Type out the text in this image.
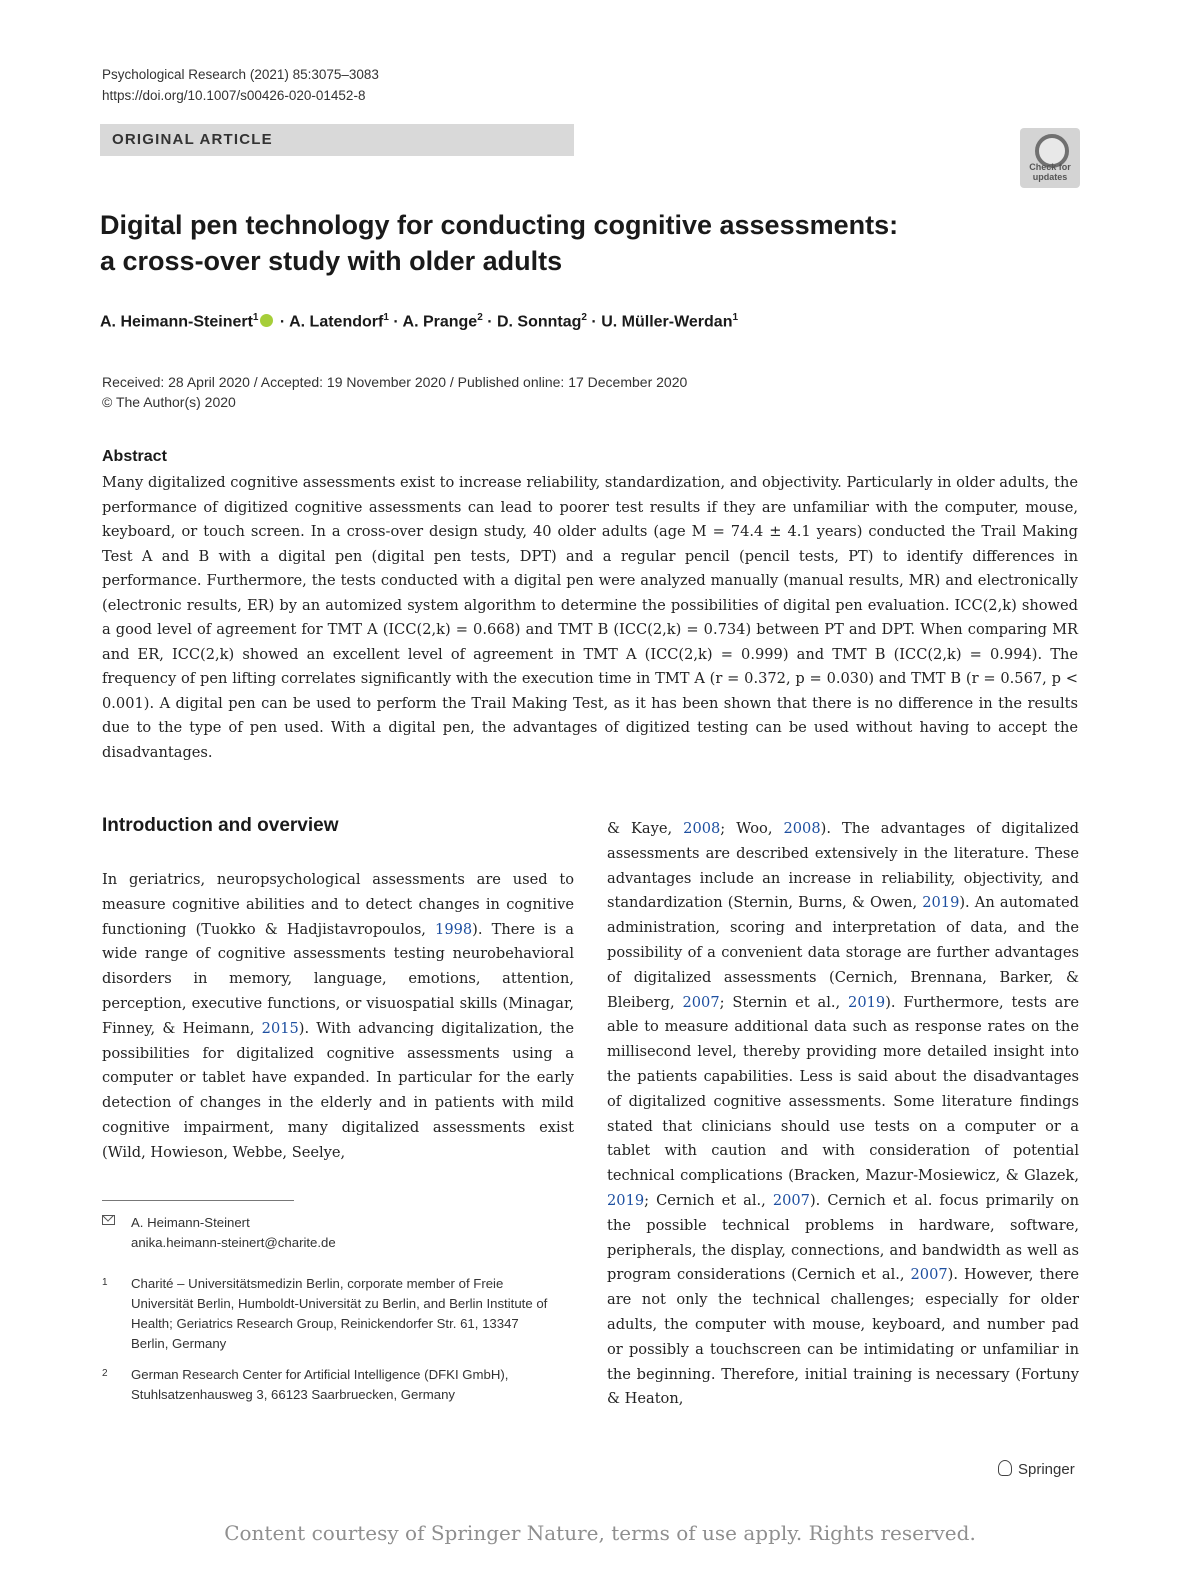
Psychological Research (2021) 85:3075–3083
https://doi.org/10.1007/s00426-020-01452-8
ORIGINAL ARTICLE
Check for updates
Digital pen technology for conducting cognitive assessments:
a cross-over study with older adults
A. Heimann-Steinert$^1$ · A. Latendorf$^1$ · A. Prange$^2$ · D. Sonntag$^2$ · U. Müller-Werdan$^1$
Received: 28 April 2020 / Accepted: 19 November 2020 / Published online: 17 December 2020
© The Author(s) 2020
Abstract
Many digitalized cognitive assessments exist to increase reliability, standardization, and objectivity. Particularly in older adults, the performance of digitized cognitive assessments can lead to poorer test results if they are unfamiliar with the computer, mouse, keyboard, or touch screen. In a cross-over design study, 40 older adults (age M = 74.4 ± 4.1 years) conducted the Trail Making Test A and B with a digital pen (digital pen tests, DPT) and a regular pencil (pencil tests, PT) to identify differences in performance. Furthermore, the tests conducted with a digital pen were analyzed manually (manual results, MR) and electronically (electronic results, ER) by an automized system algorithm to determine the possibilities of digital pen evaluation. ICC(2,k) showed a good level of agreement for TMT A (ICC(2,k) = 0.668) and TMT B (ICC(2,k) = 0.734) between PT and DPT. When comparing MR and ER, ICC(2,k) showed an excellent level of agreement in TMT A (ICC(2,k) = 0.999) and TMT B (ICC(2,k) = 0.994). The frequency of pen lifting correlates significantly with the execution time in TMT A (r = 0.372, p = 0.030) and TMT B (r = 0.567, p < 0.001). A digital pen can be used to perform the Trail Making Test, as it has been shown that there is no difference in the results due to the type of pen used. With a digital pen, the advantages of digitized testing can be used without having to accept the disadvantages.
Introduction and overview
In geriatrics, neuropsychological assessments are used to measure cognitive abilities and to detect changes in cognitive functioning (Tuokko & Hadjistavropoulos, 1998). There is a wide range of cognitive assessments testing neurobehavioral disorders in memory, language, emotions, attention, perception, executive functions, or visuospatial skills (Minagar, Finney, & Heimann, 2015). With advancing digitalization, the possibilities for digitalized cognitive assessments using a computer or tablet have expanded. In particular for the early detection of changes in the elderly and in patients with mild cognitive impairment, many digitalized assessments exist (Wild, Howieson, Webbe, Seelye,
& Kaye, 2008; Woo, 2008). The advantages of digitalized assessments are described extensively in the literature. These advantages include an increase in reliability, objectivity, and standardization (Sternin, Burns, & Owen, 2019). An automated administration, scoring and interpretation of data, and the possibility of a convenient data storage are further advantages of digitalized assessments (Cernich, Brennana, Barker, & Bleiberg, 2007; Sternin et al., 2019). Furthermore, tests are able to measure additional data such as response rates on the millisecond level, thereby providing more detailed insight into the patients capabilities. Less is said about the disadvantages of digitalized cognitive assessments. Some literature findings stated that clinicians should use tests on a computer or a tablet with caution and with consideration of potential technical complications (Bracken, Mazur-Mosiewicz, & Glazek, 2019; Cernich et al., 2007). Cernich et al. focus primarily on the possible technical problems in hardware, software, peripherals, the display, connections, and bandwidth as well as program considerations (Cernich et al., 2007). However, there are not only the technical challenges; especially for older adults, the computer with mouse, keyboard, and number pad or possibly a touchscreen can be intimidating or unfamiliar in the beginning. Therefore, initial training is necessary (Fortuny & Heaton,
A. Heimann-Steinert
anika.heimann-steinert@charite.de
1 Charité – Universitätsmedizin Berlin, corporate member of Freie Universität Berlin, Humboldt-Universität zu Berlin, and Berlin Institute of Health; Geriatrics Research Group, Reinickendorfer Str. 61, 13347 Berlin, Germany
2 German Research Center for Artificial Intelligence (DFKI GmbH), Stuhlsatzenhausweg 3, 66123 Saarbruecken, Germany
Springer
Content courtesy of Springer Nature, terms of use apply. Rights reserved.
